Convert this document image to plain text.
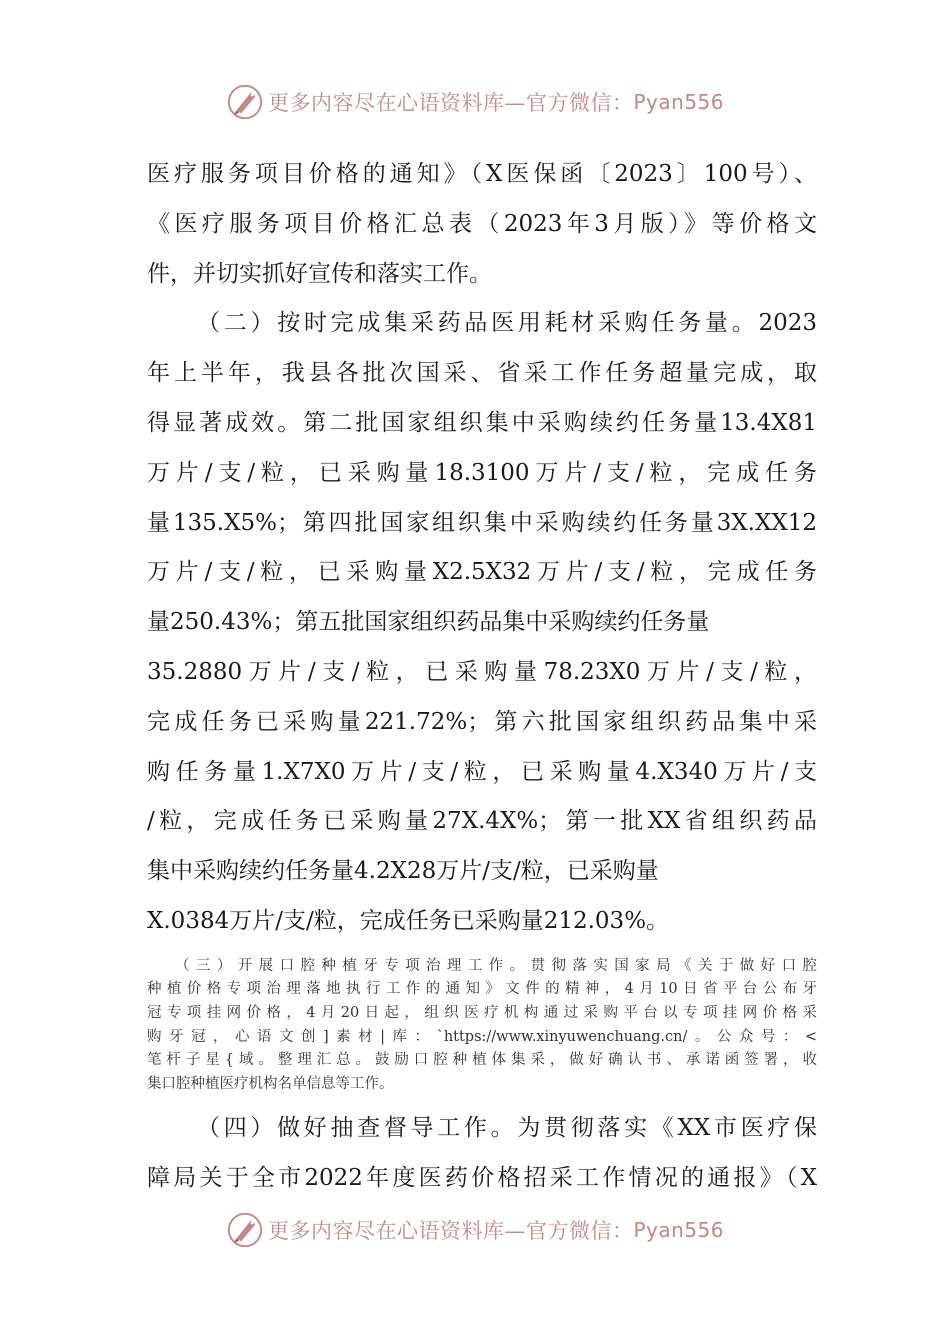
更多内容尽在心语资料库—官方微信： Pyan556
医疗服务项目价格的通知》（X医保函〔2023〕100号）、
《医疗服务项目价格汇总表（2023年3月版）》等价格文
件，并切实抓好宣传和落实工作。
（二）按时完成集采药品医用耗材采购任务量。2023
年上半年，我县各批次国采、省采工作任务超量完成，取
得显著成效。第二批国家组织集中采购续约任务量13.4X81
万片/支/粒，已采购量18.3100万片/支/粒，完成任务
量135.X5%；第四批国家组织集中采购续约任务量3X.XX12
万片/支/粒，已采购量X2.5X32万片/支/粒，完成任务
量250.43%；第五批国家组织药品集中采购续约任务量
35.2880万片/支/粒，已采购量78.23X0万片/支/粒，
完成任务已采购量221.72%；第六批国家组织药品集中采
购任务量1.X7X0万片/支/粒，已采购量4.X340万片/支
/粒，完成任务已采购量27X.4X%；第一批XX省组织药品
集中采购续约任务量4.2X28万片/支/粒，已采购量
X.0384万片/支/粒，完成任务已采购量212.03%。
（三）开展口腔种植牙专项治理工作。贯彻落实国家局《关于做好口腔
种植价格专项治理落地执行工作的通知》文件的精神，4月10日省平台公布牙
冠专项挂网价格，4月20日起，组织医疗机构通过采购平台以专项挂网价格采
购牙冠，心语文创]素材|库：`https://www.xinyuwenchuang.cn/。公众号：<
笔杆子星{域。整理汇总。鼓励口腔种植体集采，做好确认书、承诺函签署，收
集口腔种植医疗机构名单信息等工作。
（四）做好抽查督导工作。为贯彻落实《XX市医疗保
障局关于全市2022年度医药价格招采工作情况的通报》（X
更多内容尽在心语资料库—官方微信： Pyan556
